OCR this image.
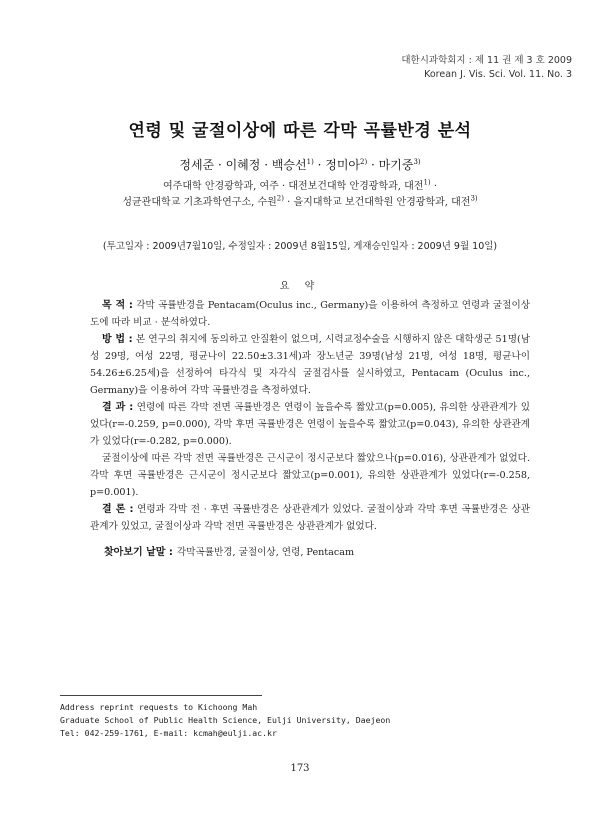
대한시과학회지 : 제 11 권 제 3 호 2009
Korean J. Vis. Sci. Vol. 11. No. 3
연령 및 굴절이상에 따른 각막 곡률반경 분석
정세준 · 이혜정 · 백승선$^{1)}$ · 정미아$^{2)}$ · 마기중$^{3)}$
여주대학 안경광학과, 여주 · 대전보건대학 안경광학과, 대전$^{1)}$ ·
성균관대학교 기초과학연구소, 수원$^{2)}$ · 을지대학교 보건대학원 안경광학과, 대전$^{3)}$
(투고일자 : 2009년7월10일, 수정일자 : 2009년 8월15일, 게재승인일자 : 2009년 9월 10일)
요 약

목 적 : 각막 곡률반경을 Pentacam(Oculus inc., Germany)을 이용하여 측정하고 연령과 굴절이상도에 따라 비교 · 분석하였다.

방 법 : 본 연구의 취지에 동의하고 안질환이 없으며, 시력교정수술을 시행하지 않은 대학생군 51명(남성 29명, 여성 22명, 평균나이 22.50±3.31세)과 장노년군 39명(남성 21명, 여성 18명, 평균나이 54.26±6.25세)을 선정하여 타각식 및 자각식 굴절검사를 실시하였고, Pentacam (Oculus inc., Germany)을 이용하여 각막 곡률반경을 측정하였다.

결 과 : 연령에 따른 각막 전면 곡률반경은 연령이 높을수록 짧았고(p=0.005), 유의한 상관관계가 있었다(r=-0.259, p=0.000), 각막 후면 곡률반경은 연령이 높을수록 짧았고(p=0.043), 유의한 상관관계가 있었다(r=-0.282, p=0.000).

굴절이상에 따른 각막 전면 곡률반경은 근시군이 정시군보다 짧았으나(p=0.016), 상관관계가 없었다. 각막 후면 곡률반경은 근시군이 정시군보다 짧았고(p=0.001), 유의한 상관관계가 있었다(r=-0.258, p=0.001).

결 론 : 연령과 각막 전 · 후면 곡률반경은 상관관계가 있었다. 굴절이상과 각막 후면 곡률반경은 상관관계가 있었고, 굴절이상과 각막 전면 곡률반경은 상관관계가 없었다.

찾아보기 낱말 : 각막곡률반경, 굴절이상, 연령, Pentacam
Address reprint requests to Kichoong Mah
Graduate School of Public Health Science, Eulji University, Daejeon
Tel: 042-259-1761, E-mail: kcmah@eulji.ac.kr
173
